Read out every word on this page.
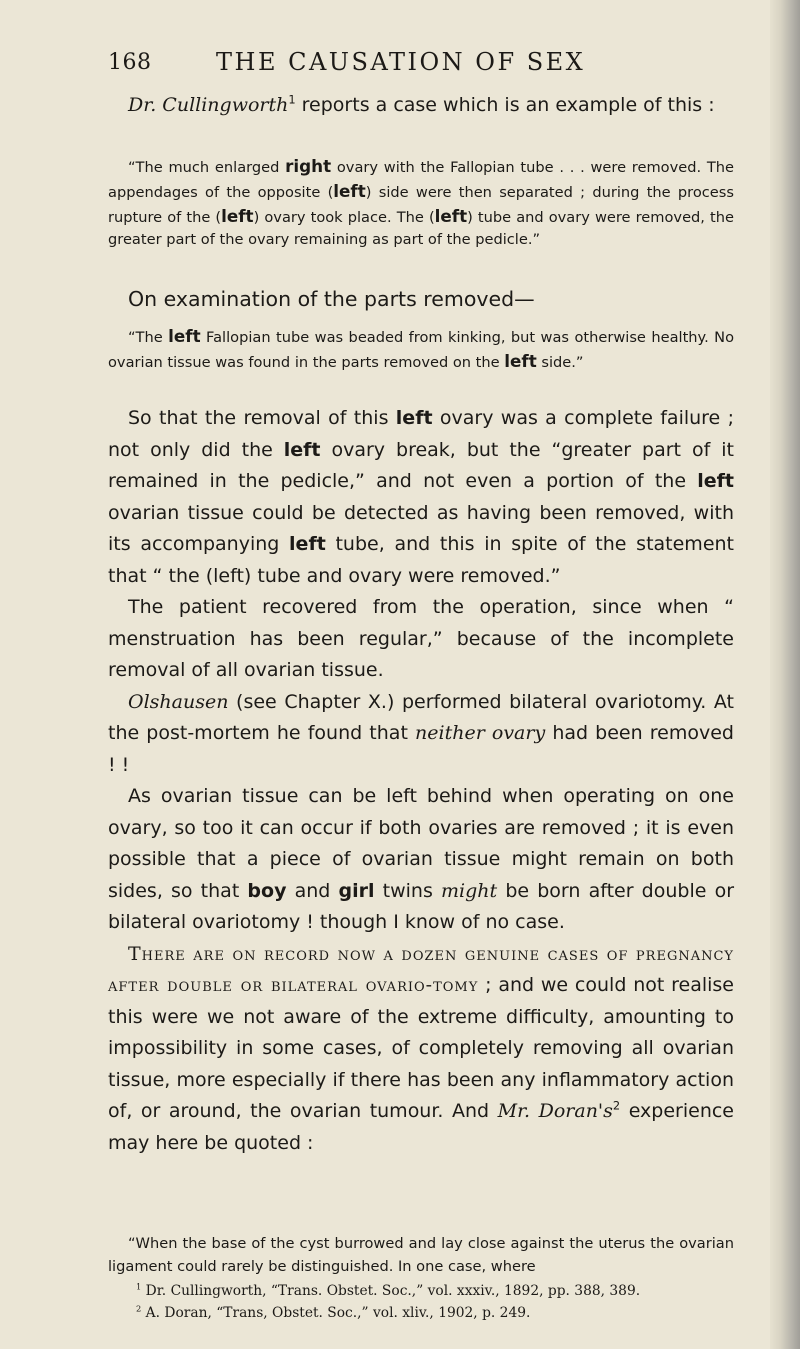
168	THE CAUSATION OF SEX

Dr. Cullingworth$^1$ reports a case which is an example of this :

“The much enlarged right ovary with the Fallopian tube . . . were removed. The appendages of the opposite (left) side were then separated ; during the process rupture of the (left) ovary took place. The (left) tube and ovary were removed, the greater part of the ovary remaining as part of the pedicle.”

On examination of the parts removed—

“The left Fallopian tube was beaded from kinking, but was otherwise healthy. No ovarian tissue was found in the parts removed on the left side.”

So that the removal of this left ovary was a complete failure ; not only did the left ovary break, but the “greater part of it remained in the pedicle,” and not even a portion of the left ovarian tissue could be detected as having been removed, with its accompanying left tube, and this in spite of the statement that “ the (left) tube and ovary were removed.”

The patient recovered from the operation, since when “ menstruation has been regular,” because of the incomplete removal of all ovarian tissue.

Olshausen (see Chapter X.) performed bilateral ovariotomy. At the post-mortem he found that neither ovary had been removed ! !

As ovarian tissue can be left behind when operating on one ovary, so too it can occur if both ovaries are removed ; it is even possible that a piece of ovarian tissue might remain on both sides, so that boy and girl twins might be born after double or bilateral ovariotomy ! though I know of no case.

There are on record now a dozen genuine cases of pregnancy after double or bilateral ovario-tomy ; and we could not realise this were we not aware of the extreme difficulty, amounting to impossibility in some cases, of completely removing all ovarian tissue, more especially if there has been any inflammatory action of, or around, the ovarian tumour. And Mr. $Doran's^2$ experience may here be quoted :

“When the base of the cyst burrowed and lay close against the uterus the ovarian ligament could rarely be distinguished. In one case, where

$^1$ Dr. Cullingworth, “Trans. Obstet. Soc.,” vol. xxxiv., 1892, pp. 388, 389.

$^2$ A. Doran, “Trans, Obstet. Soc.,” vol. xliv., 1902, p. 249.
